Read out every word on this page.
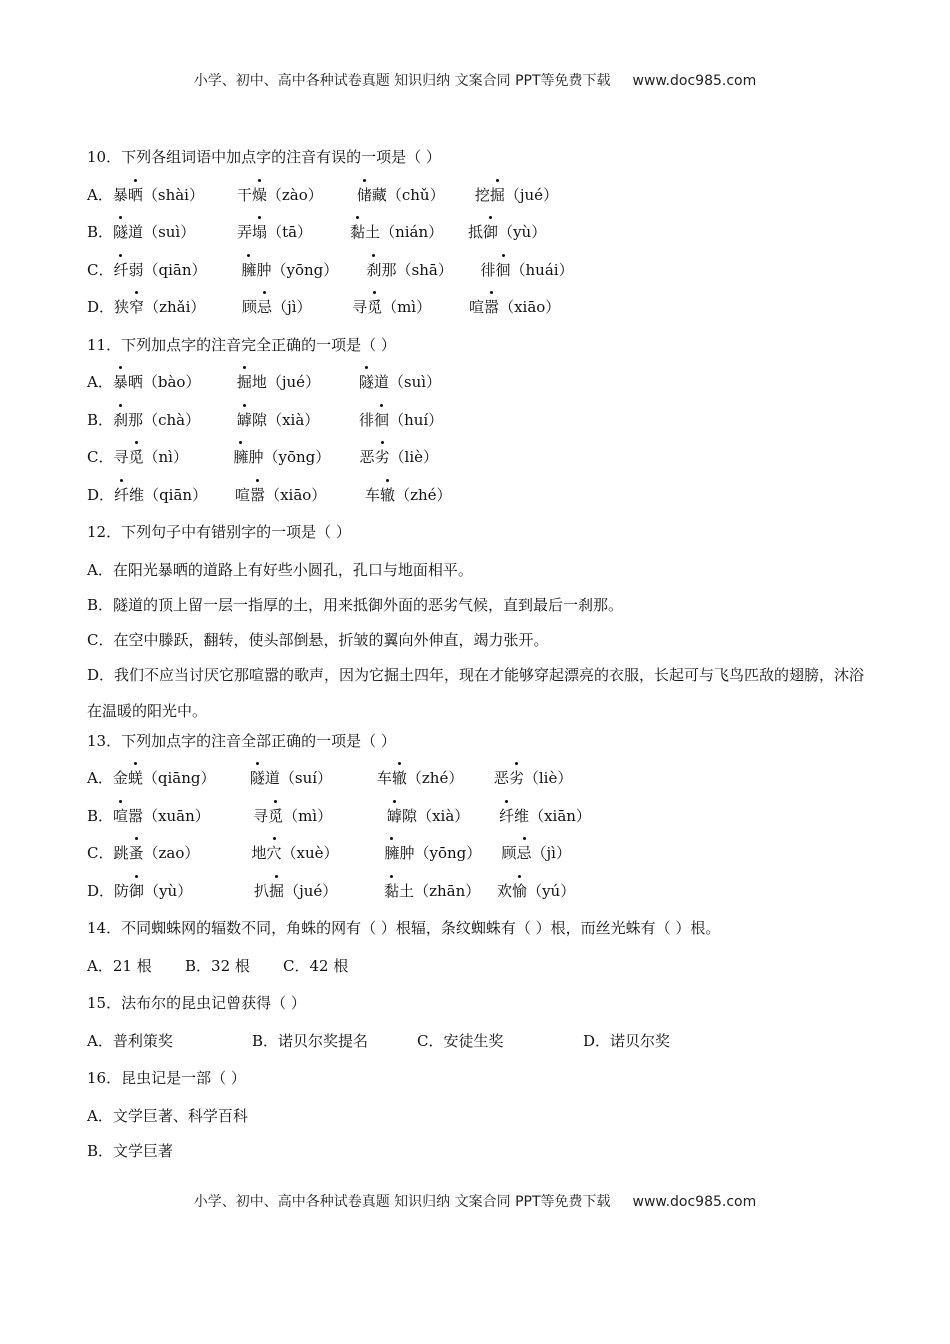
小学、初中、高中各种试卷真题 知识归纳 文案合同 PPT等免费下载 www.doc985.com
10．下列各组词语中加点字的注音有误的一项是（ ）
A．暴晒（shài） 干燥（zào） 储藏（chǔ） 挖掘（jué）
B．隧道（suì）	弄塌（tā）	黏土（nián） 抵御（yù）
C．纤弱（qiān） 臃肿（yōng） 刹那（shā） 徘徊（huái）
D．狭窄（zhǎi） 顾忌（jì）	寻觅（mì）	喧嚣（xiāo）
11．下列加点字的注音完全正确的一项是（ ）
A．暴晒（bào） 掘地（jué）	隧道（suì）
B．刹那（chà） 罅隙（xià）	徘徊（huí）
C．寻觅（nì）	臃肿（yōng） 恶劣（liè）
D．纤维（qiān） 喧嚣（xiāo）	车辙（zhé）
12．下列句子中有错别字的一项是（ ）
A．在阳光暴晒的道路上有好些小圆孔，孔口与地面相平。
B．隧道的顶上留一层一指厚的土，用来抵御外面的恶劣气候，直到最后一刹那。
C．在空中滕跃，翻转，使头部倒悬，折皱的翼向外伸直，竭力张开。
D．我们不应当讨厌它那喧嚣的歌声，因为它掘土四年，现在才能够穿起漂亮的衣服，长起可与飞鸟匹敌的翅膀，沐浴在温暖的阳光中。
13．下列加点字的注音全部正确的一项是（ ）
A．金蜣（qiāng） 隧道（suí）	车辙（zhé） 恶劣（liè）
B．喧嚣（xuān）	寻觅（mì）	罅隙（xià） 纤维（xiān）
C．跳蚤（zao）	地穴（xuè）	臃肿（yōng） 顾忌（jì）
D．防御（yù）	扒掘（jué）	黏土（zhān） 欢愉（yú）
14．不同蜘蛛网的辐数不同，角蛛的网有（ ）根辐，条纹蜘蛛有（ ）根，而丝光蛛有（ ）根。
A．21 根 B．32 根 C．42 根
15．法布尔的昆虫记曾获得（ ）
A．普利策奖	B．诺贝尔奖提名	C．安徒生奖	D．诺贝尔奖
16．昆虫记是一部（ ）
A．文学巨著、科学百科
B．文学巨著
小学、初中、高中各种试卷真题 知识归纳 文案合同 PPT等免费下载 www.doc985.com
